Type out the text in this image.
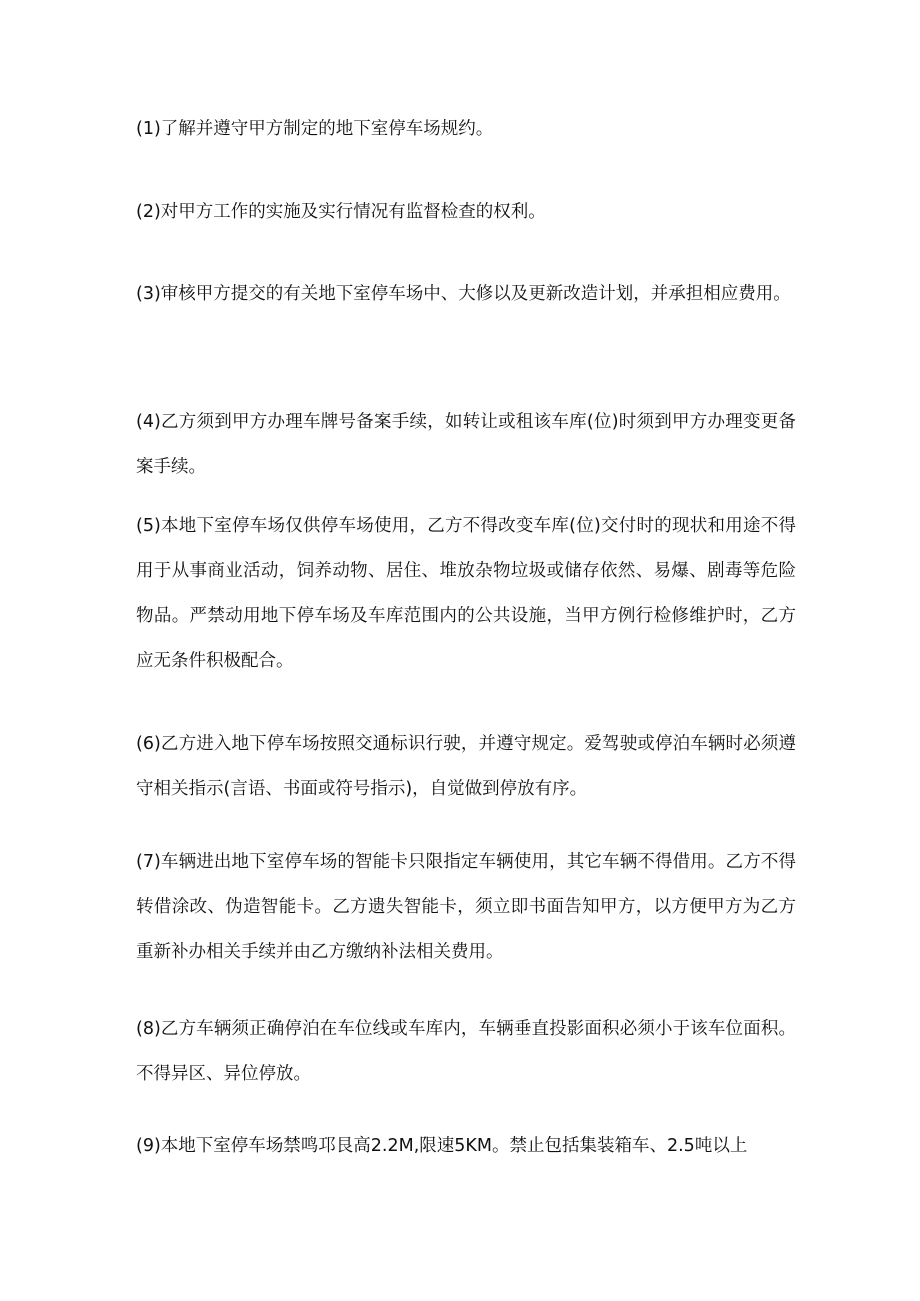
(1)了解并遵守甲方制定的地下室停车场规约。

(2)对甲方工作的实施及实行情况有监督检查的权利。

(3)审核甲方提交的有关地下室停车场中、大修以及更新改造计划，并承担相应费用。

(4)乙方须到甲方办理车牌号备案手续，如转让或租该车库(位)时须到甲方办理变更备案手续。

(5)本地下室停车场仅供停车场使用，乙方不得改变车库(位)交付时的现状和用途不得用于从事商业活动，饲养动物、居住、堆放杂物垃圾或储存依然、易爆、剧毒等危险物品。严禁动用地下停车场及车库范围内的公共设施，当甲方例行检修维护时，乙方应无条件积极配合。

(6)乙方进入地下停车场按照交通标识行驶，并遵守规定。爱驾驶或停泊车辆时必须遵守相关指示(言语、书面或符号指示)，自觉做到停放有序。

(7)车辆进出地下室停车场的智能卡只限指定车辆使用，其它车辆不得借用。乙方不得转借涂改、伪造智能卡。乙方遗失智能卡，须立即书面告知甲方，以方便甲方为乙方重新补办相关手续并由乙方缴纳补法相关费用。

(8)乙方车辆须正确停泊在车位线或车库内，车辆垂直投影面积必须小于该车位面积。不得异区、异位停放。

(9)本地下室停车场禁鸣邛艮高2.2M,限速5KM。禁止包括集装箱车、2.5吨以上
